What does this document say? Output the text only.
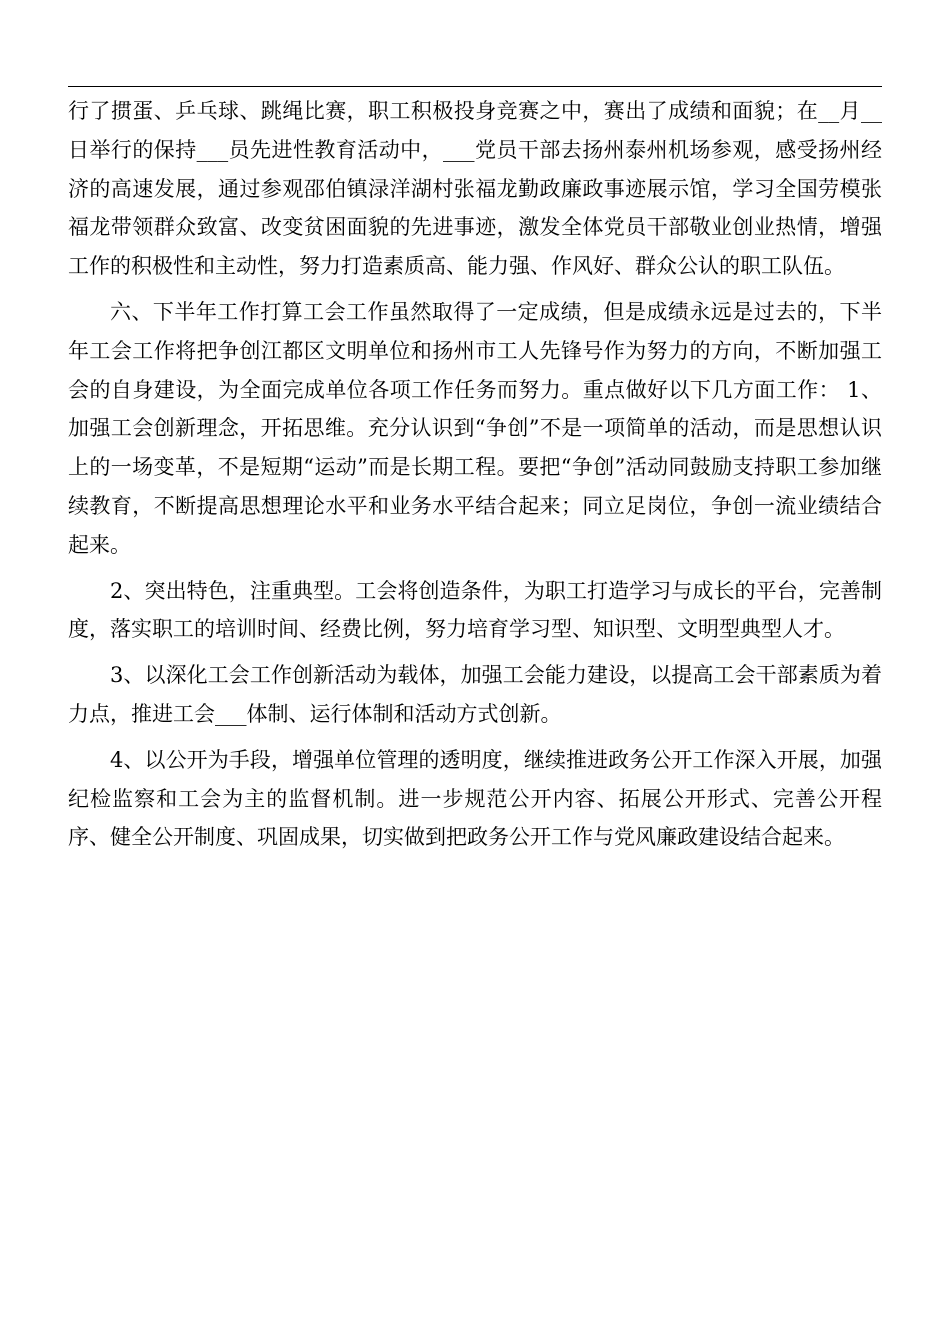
行了掼蛋、乒乓球、跳绳比赛，职工积极投身竞赛之中，赛出了成绩和面貌；在__月__日举行的保持___员先进性教育活动中，___党员干部去扬州泰州机场参观，感受扬州经济的高速发展，通过参观邵伯镇渌洋湖村张福龙勤政廉政事迹展示馆，学习全国劳模张福龙带领群众致富、改变贫困面貌的先进事迹，激发全体党员干部敬业创业热情，增强工作的积极性和主动性，努力打造素质高、能力强、作风好、群众公认的职工队伍。

六、下半年工作打算工会工作虽然取得了一定成绩，但是成绩永远是过去的，下半年工会工作将把争创江都区文明单位和扬州市工人先锋号作为努力的方向，不断加强工会的自身建设，为全面完成单位各项工作任务而努力。重点做好以下几方面工作： 1、加强工会创新理念，开拓思维。充分认识到“争创”不是一项简单的活动，而是思想认识上的一场变革，不是短期“运动”而是长期工程。要把“争创”活动同鼓励支持职工参加继续教育，不断提高思想理论水平和业务水平结合起来；同立足岗位，争创一流业绩结合起来。

2、突出特色，注重典型。工会将创造条件，为职工打造学习与成长的平台，完善制度，落实职工的培训时间、经费比例，努力培育学习型、知识型、文明型典型人才。

3、以深化工会工作创新活动为载体，加强工会能力建设，以提高工会干部素质为着力点，推进工会___体制、运行体制和活动方式创新。

4、以公开为手段，增强单位管理的透明度，继续推进政务公开工作深入开展，加强纪检监察和工会为主的监督机制。进一步规范公开内容、拓展公开形式、完善公开程序、健全公开制度、巩固成果，切实做到把政务公开工作与党风廉政建设结合起来。
